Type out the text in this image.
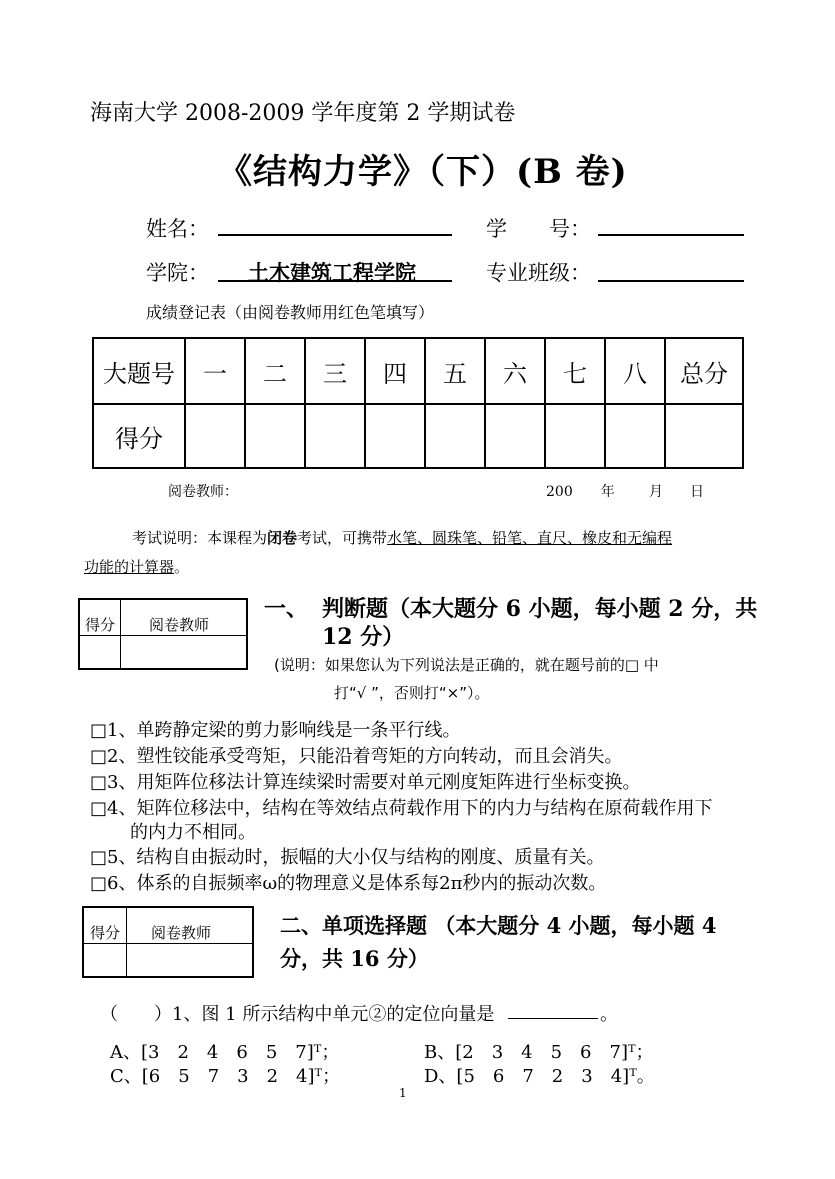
海南大学 2008-2009 学年度第 2 学期试卷
《结构力学》（下）(B 卷)
姓名：	学　　号：
学院： 土木建筑工程学院	专业班级：
成绩登记表（由阅卷教师用红色笔填写）
大题号	一	二	三	四	五	六	七	八	总分
得分									
阅卷教师：	200　　年 月 日
考试说明：本课程为闭卷考试，可携带水笔、圆珠笔、铅笔、直尺、橡皮和无编程
功能的计算器。
得分	阅卷教师

一、 判断题（本大题分 6 小题，每小题 2 分，共
12 分）
(说明：如果您认为下列说法是正确的，就在题号前的□ 中
打“√ ”，否则打“×”）。
□1、单跨静定梁的剪力影响线是一条平行线。
□2、塑性铰能承受弯矩，只能沿着弯矩的方向转动，而且会消失。
□3、用矩阵位移法计算连续梁时需要对单元刚度矩阵进行坐标变换。
□4、矩阵位移法中，结构在等效结点荷载作用下的内力与结构在原荷载作用下
的内力不相同。
□5、结构自由振动时，振幅的大小仅与结构的刚度、质量有关。
□6、体系的自振频率ω的物理意义是体系每2π秒内的振动次数。
得分	阅卷教师
		二、单项选择题 （本大题分 4 小题，每小题 4
分，共 16 分）
（　　）1、图 1 所示结构中单元②的定位向量是	。
A、[3　2　4　6　5　7]ᵀ；	B、[2　3　4　5　6　7]ᵀ；
C、[6　5　7　3　2　4]ᵀ；	D、[5　6　7　2　3　4]ᵀ。
1
